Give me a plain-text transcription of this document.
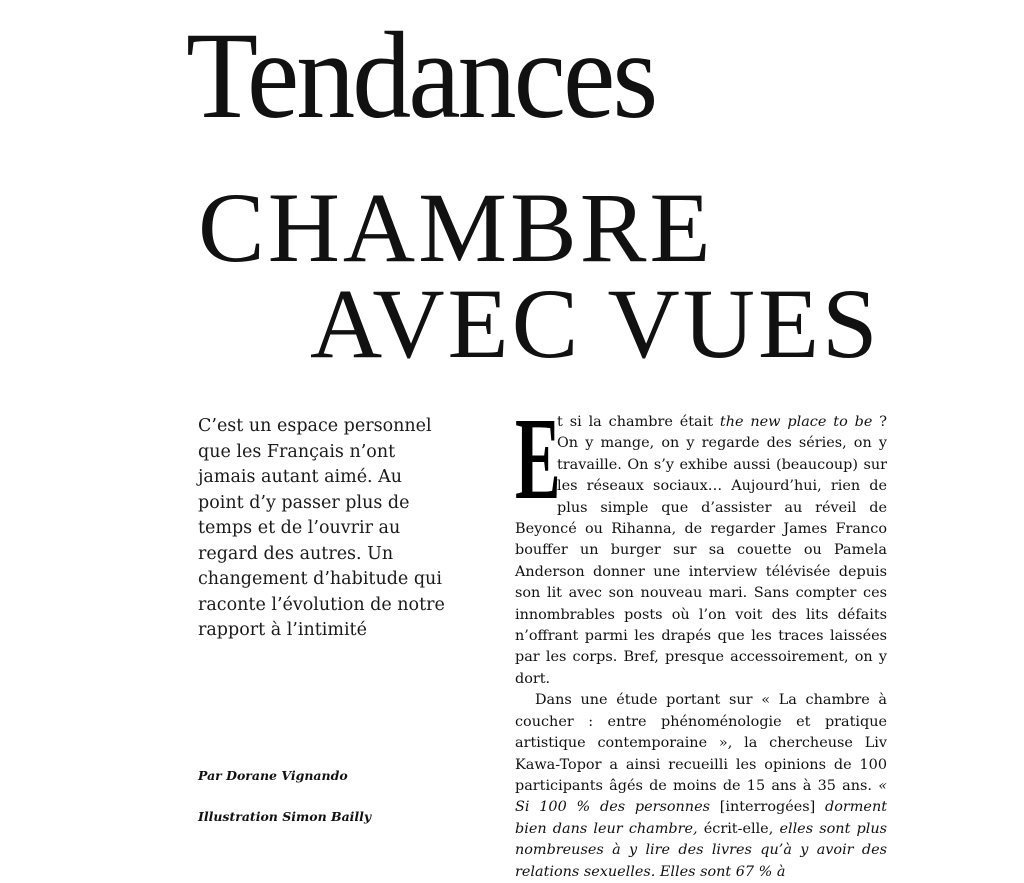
Tendances
CHAMBRE
AVEC VUES

C’est un espace personnel que les Français n’ont jamais autant aimé. Au point d’y passer plus de temps et de l’ouvrir au regard des autres. Un changement d’habitude qui raconte l’évolution de notre rapport à l’intimité

Par Dorane Vignando

Illustration Simon Bailly

E
t si la chambre était the new place to be ? On y mange, on y regarde des séries, on y travaille. On s’y exhibe aussi (beaucoup) sur les réseaux sociaux… Aujourd’hui, rien de plus simple que d’assister au réveil de Beyoncé ou Rihanna, de regarder James Franco bouffer un burger sur sa couette ou Pamela Anderson donner une interview télévisée depuis son lit avec son nouveau mari. Sans compter ces innombrables posts où l’on voit des lits défaits n’offrant parmi les drapés que les traces laissées par les corps. Bref, presque accessoirement, on y dort.

Dans une étude portant sur « La chambre à coucher : entre phénoménologie et pratique artistique contemporaine », la chercheuse Liv Kawa-Topor a ainsi recueilli les opinions de 100 participants âgés de moins de 15 ans à 35 ans. « Si 100 % des personnes [interrogées] dorment bien dans leur chambre, écrit-elle, elles sont plus nombreuses à y lire des livres qu’à y avoir des relations sexuelles. Elles sont 67 % à
